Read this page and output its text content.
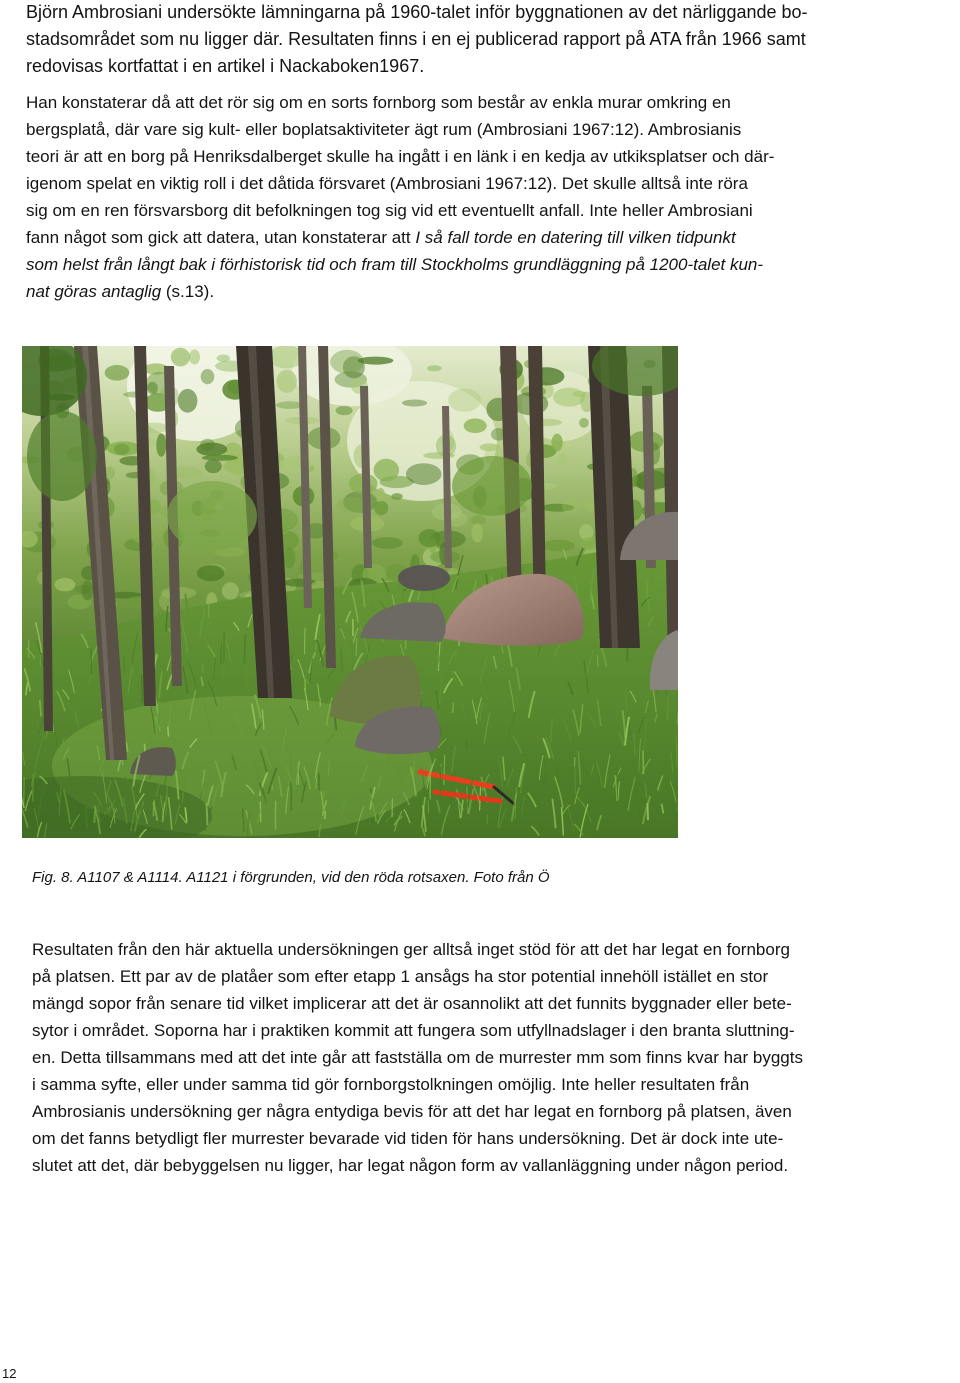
Björn Ambrosiani undersökte lämningarna på 1960-talet inför byggnationen av det närliggande bo-
stadsområdet som nu ligger där. Resultaten finns i en ej publicerad rapport på ATA från 1966 samt
redovisas kortfattat i en artikel i Nackaboken1967.
Han konstaterar då att det rör sig om en sorts fornborg som består av enkla murar omkring en
bergsplatå, där vare sig kult- eller boplatsaktiviteter ägt rum (Ambrosiani 1967:12). Ambrosianis
teori är att en borg på Henriksdalberget skulle ha ingått i en länk i en kedja av utkiksplatser och där-
igenom spelat en viktig roll i det dåtida försvaret (Ambrosiani 1967:12). Det skulle alltså inte röra
sig om en ren försvarsborg dit befolkningen tog sig vid ett eventuellt anfall. Inte heller Ambrosiani
fann något som gick att datera, utan konstaterar att I så fall torde en datering till vilken tidpunkt
som helst från långt bak i förhistorisk tid och fram till Stockholms grundläggning på 1200-talet kun-
nat göras antaglig (s.13).
Fig. 8. A1107 & A1114. A1121 i förgrunden, vid den röda rotsaxen. Foto från Ö
Resultaten från den här aktuella undersökningen ger alltså inget stöd för att det har legat en fornborg
på platsen. Ett par av de platåer som efter etapp 1 ansågs ha stor potential innehöll istället en stor
mängd sopor från senare tid vilket implicerar att det är osannolikt att det funnits byggnader eller bete-
sytor i området. Soporna har i praktiken kommit att fungera som utfyllnadslager i den branta sluttning-
en. Detta tillsammans med att det inte går att fastställa om de murrester mm som finns kvar har byggts
i samma syfte, eller under samma tid gör fornborgstolkningen omöjlig. Inte heller resultaten från
Ambrosianis undersökning ger några entydiga bevis för att det har legat en fornborg på platsen, även
om det fanns betydligt fler murrester bevarade vid tiden för hans undersökning. Det är dock inte ute-
slutet att det, där bebyggelsen nu ligger, har legat någon form av vallanläggning under någon period.
12
